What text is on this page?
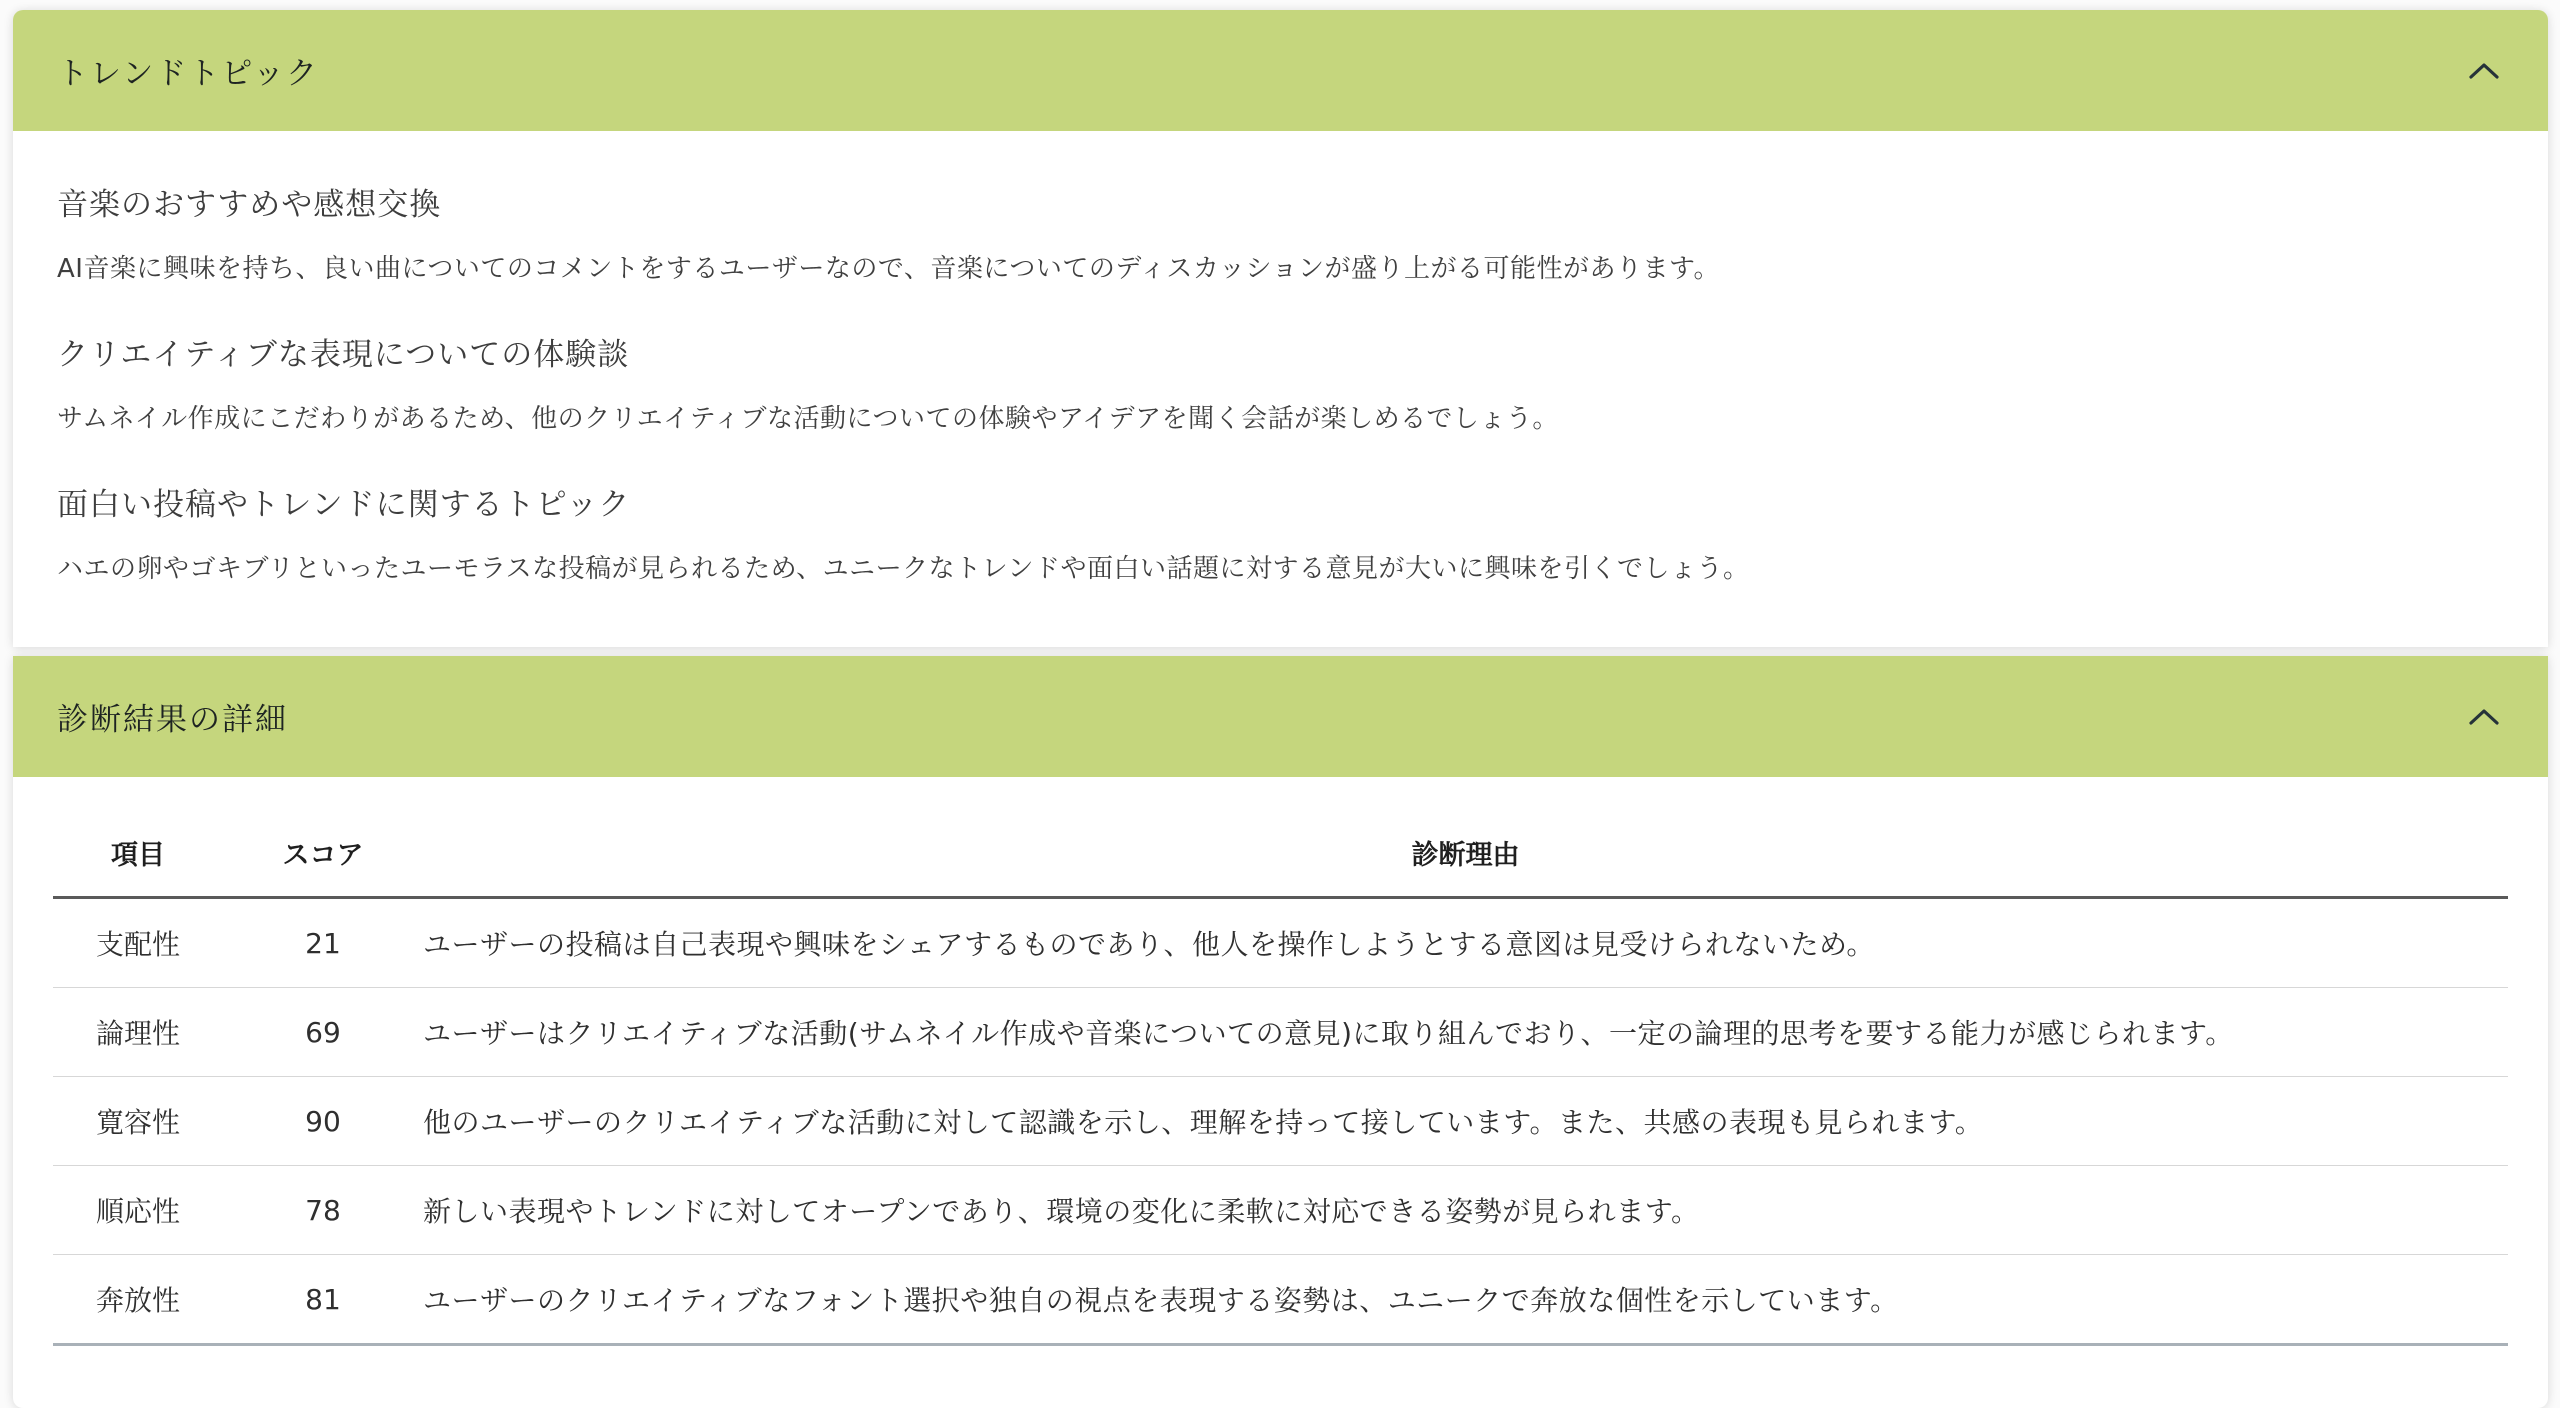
トレンドトピック
音楽のおすすめや感想交換

AI音楽に興味を持ち、良い曲についてのコメントをするユーザーなので、音楽についてのディスカッションが盛り上がる可能性があります。

クリエイティブな表現についての体験談

サムネイル作成にこだわりがあるため、他のクリエイティブな活動についての体験やアイデアを聞く会話が楽しめるでしょう。

面白い投稿やトレンドに関するトピック

ハエの卵やゴキブリといったユーモラスな投稿が見られるため、ユニークなトレンドや面白い話題に対する意見が大いに興味を引くでしょう。

診断結果の詳細
項目	スコア	診断理由
支配性	21	ユーザーの投稿は自己表現や興味をシェアするものであり、他人を操作しようとする意図は見受けられないため。
論理性	69	ユーザーはクリエイティブな活動(サムネイル作成や音楽についての意見)に取り組んでおり、一定の論理的思考を要する能力が感じられます。
寛容性	90	他のユーザーのクリエイティブな活動に対して認識を示し、理解を持って接しています。また、共感の表現も見られます。
順応性	78	新しい表現やトレンドに対してオープンであり、環境の変化に柔軟に対応できる姿勢が見られます。
奔放性	81	ユーザーのクリエイティブなフォント選択や独自の視点を表現する姿勢は、ユニークで奔放な個性を示しています。
